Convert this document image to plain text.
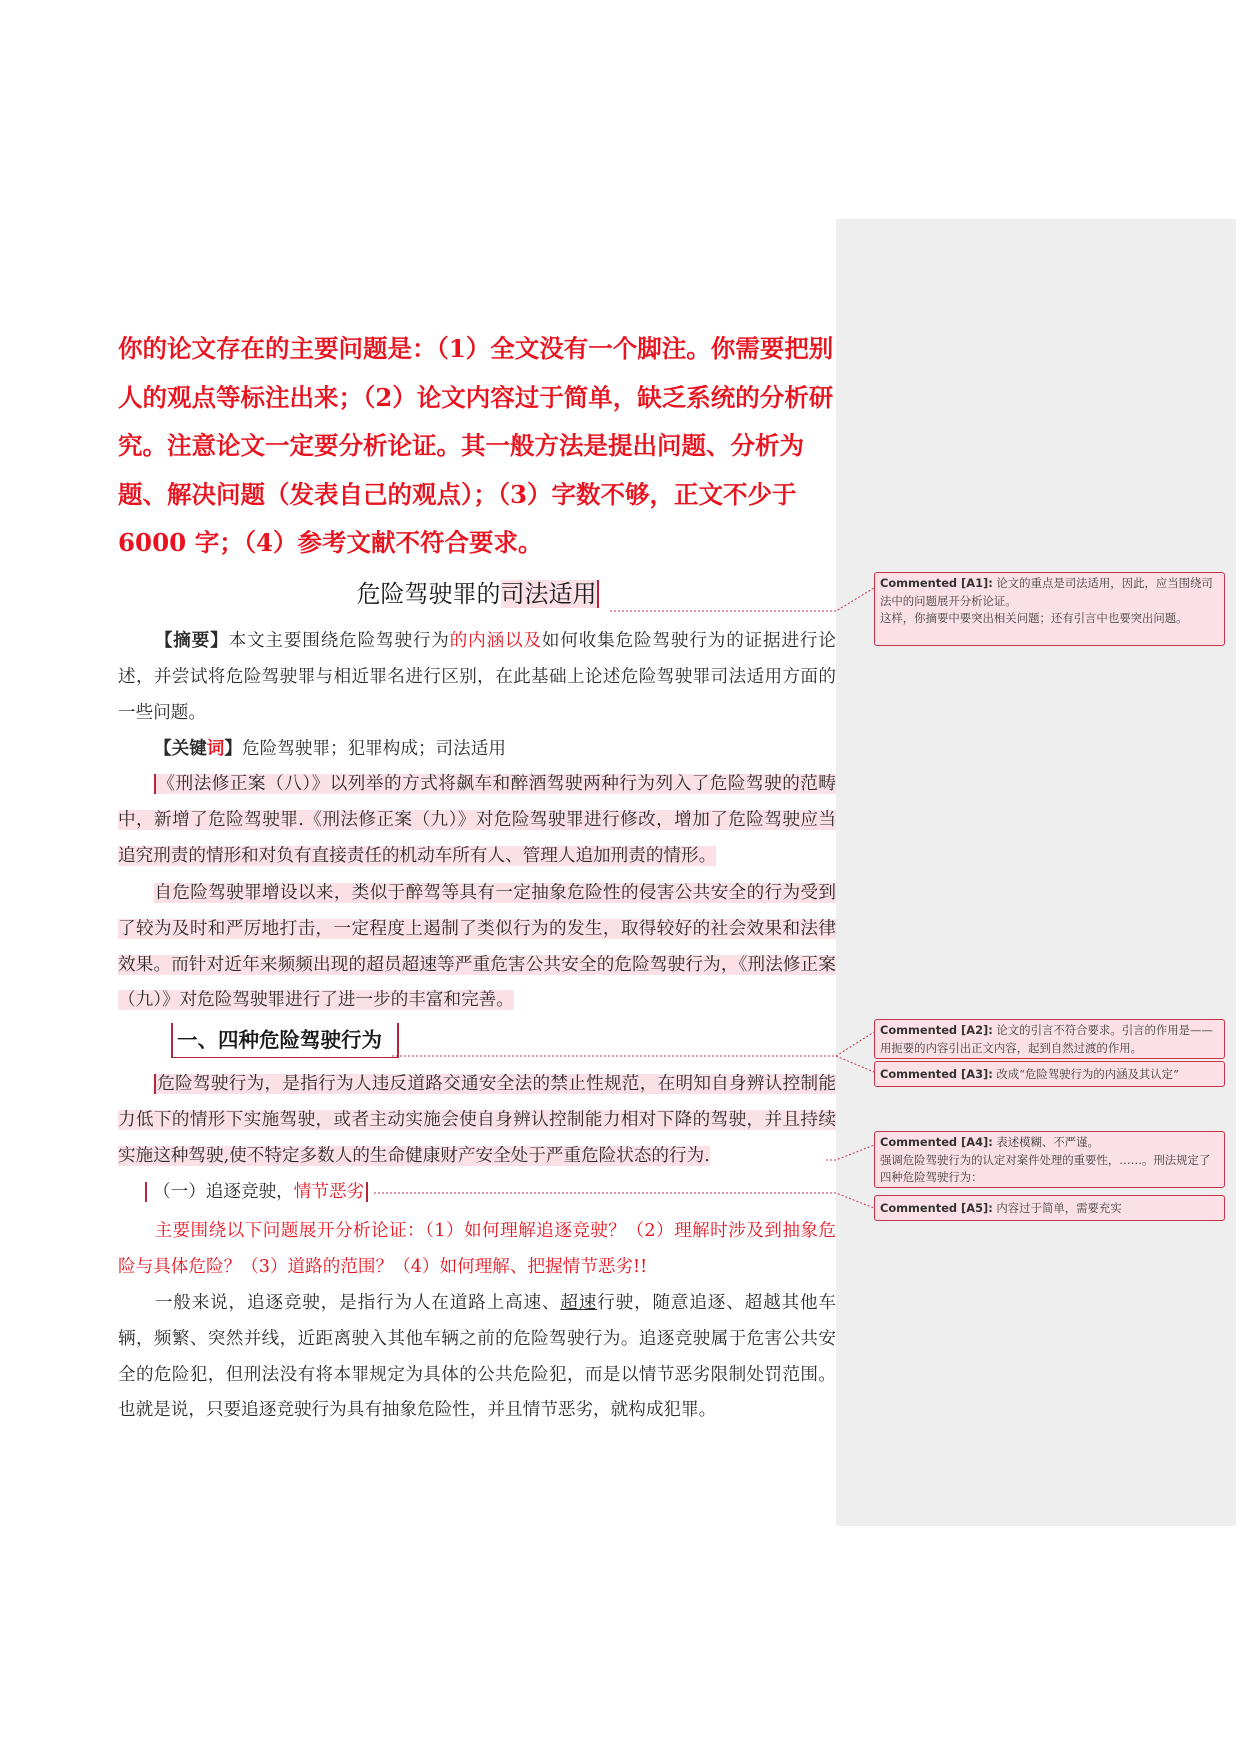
你的论文存在的主要问题是：（1）全文没有一个脚注。你需要把别人的观点等标注出来；（2）论文内容过于简单，缺乏系统的分析研究。注意论文一定要分析论证。其一般方法是提出问题、分析为题、解决问题（发表自己的观点）；（3）字数不够，正文不少于 6000 字；（4）参考文献不符合要求。

危险驾驶罪的司法适用

【摘要】本文主要围绕危险驾驶行为的内涵以及如何收集危险驾驶行为的证据进行论述，并尝试将危险驾驶罪与相近罪名进行区别，在此基础上论述危险驾驶罪司法适用方面的一些问题。

【关键词】危险驾驶罪；犯罪构成；司法适用

《刑法修正案（八）》以列举的方式将飙车和醉酒驾驶两种行为列入了危险驾驶的范畴中，新增了危险驾驶罪.《刑法修正案（九）》对危险驾驶罪进行修改，增加了危险驾驶应当追究刑责的情形和对负有直接责任的机动车所有人、管理人追加刑责的情形。

自危险驾驶罪增设以来，类似于醉驾等具有一定抽象危险性的侵害公共安全的行为受到了较为及时和严厉地打击，一定程度上遏制了类似行为的发生，取得较好的社会效果和法律效果。而针对近年来频频出现的超员超速等严重危害公共安全的危险驾驶行为，《刑法修正案（九）》对危险驾驶罪进行了进一步的丰富和完善。

一、四种危险驾驶行为

危险驾驶行为，是指行为人违反道路交通安全法的禁止性规范，在明知自身辨认控制能力低下的情形下实施驾驶，或者主动实施会使自身辨认控制能力相对下降的驾驶，并且持续实施这种驾驶,使不特定多数人的生命健康财产安全处于严重危险状态的行为.

（一）追逐竞驶，情节恶劣

主要围绕以下问题展开分析论证：（1）如何理解追逐竞驶？（2）理解时涉及到抽象危险与具体危险？（3）道路的范围？（4）如何理解、把握情节恶劣!!

一般来说，追逐竞驶，是指行为人在道路上高速、超速行驶，随意追逐、超越其他车辆，频繁、突然并线，近距离驶入其他车辆之前的危险驾驶行为。追逐竞驶属于危害公共安全的危险犯，但刑法没有将本罪规定为具体的公共危险犯，而是以情节恶劣限制处罚范围。也就是说，只要追逐竞驶行为具有抽象危险性，并且情节恶劣，就构成犯罪。

Commented [A1]: 论文的重点是司法适用，因此，应当围绕司法中的问题展开分析论证。
这样，你摘要中要突出相关问题；还有引言中也要突出问题。
Commented [A2]: 论文的引言不符合要求。引言的作用是——用扼要的内容引出正文内容，起到自然过渡的作用。
Commented [A3]: 改成“危险驾驶行为的内涵及其认定”
Commented [A4]: 表述模糊、不严谨。
强调危险驾驶行为的认定对案件处理的重要性，……。刑法规定了四种危险驾驶行为：
Commented [A5]: 内容过于简单，需要充实
